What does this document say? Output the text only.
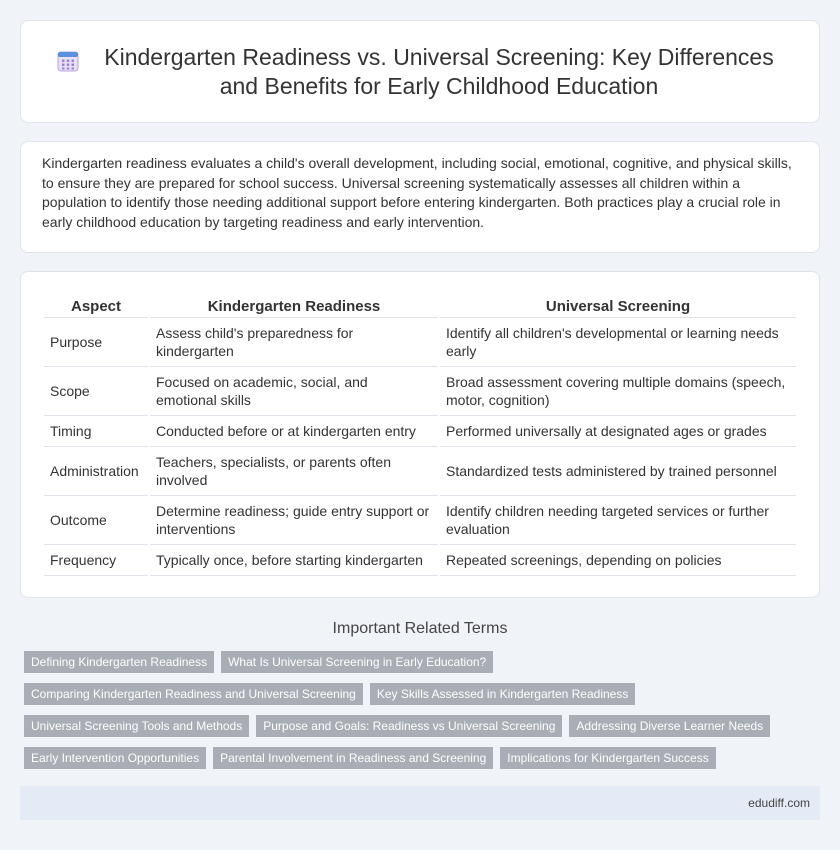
Kindergarten Readiness vs. Universal Screening: Key Differences and Benefits for Early Childhood Education

Kindergarten readiness evaluates a child's overall development, including social, emotional, cognitive, and physical skills, to ensure they are prepared for school success. Universal screening systematically assesses all children within a population to identify those needing additional support before entering kindergarten. Both practices play a crucial role in early childhood education by targeting readiness and early intervention.

Aspect	Kindergarten Readiness	Universal Screening
Purpose	Assess child's preparedness for kindergarten	Identify all children's developmental or learning needs early
Scope	Focused on academic, social, and emotional skills	Broad assessment covering multiple domains (speech, motor, cognition)
Timing	Conducted before or at kindergarten entry	Performed universally at designated ages or grades
Administration	Teachers, specialists, or parents often involved	Standardized tests administered by trained personnel
Outcome	Determine readiness; guide entry support or interventions	Identify children needing targeted services or further evaluation
Frequency	Typically once, before starting kindergarten	Repeated screenings, depending on policies
Important Related Terms
Defining Kindergarten Readiness	What Is Universal Screening in Early Education?
Comparing Kindergarten Readiness and Universal Screening	Key Skills Assessed in Kindergarten Readiness
Universal Screening Tools and Methods	Purpose and Goals: Readiness vs Universal Screening	Addressing Diverse Learner Needs
Early Intervention Opportunities	Parental Involvement in Readiness and Screening	Implications for Kindergarten Success
edudiff.com
